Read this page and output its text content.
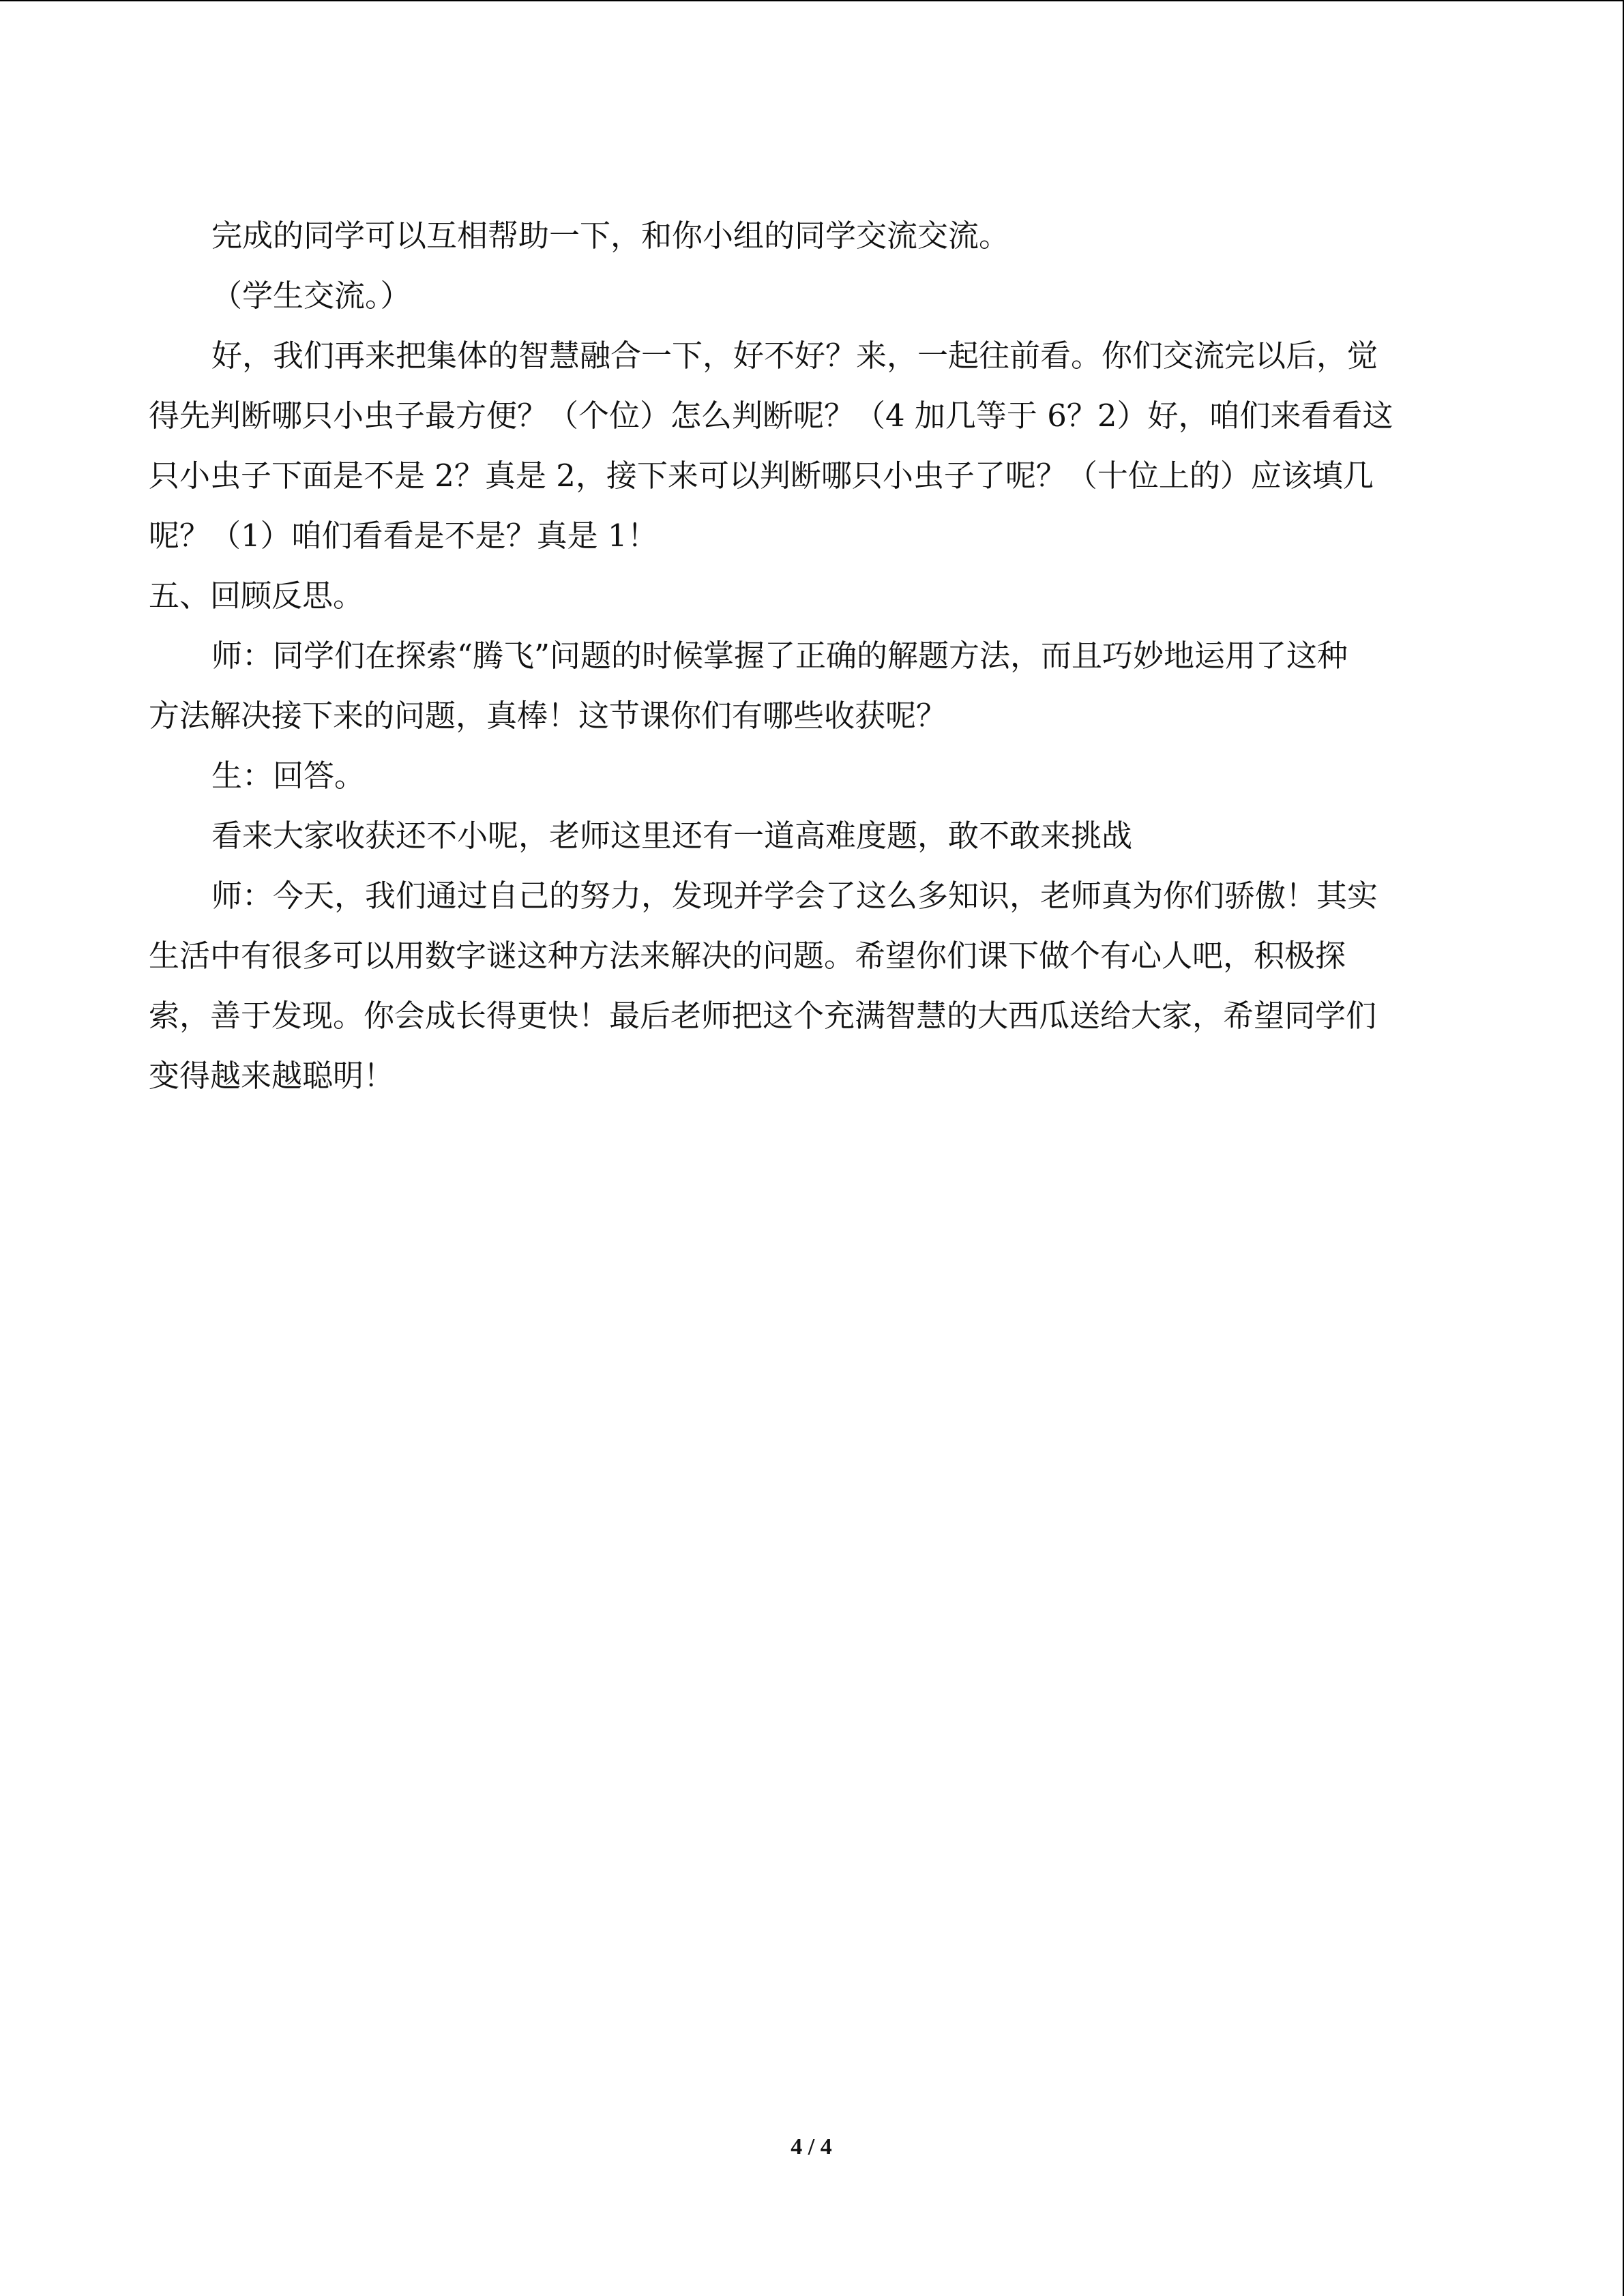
完成的同学可以互相帮助一下，和你小组的同学交流交流。

（学生交流。）

好，我们再来把集体的智慧融合一下，好不好？来，一起往前看。你们交流完以后，觉

得先判断哪只小虫子最方便？（个位）怎么判断呢？（4 加几等于 6？2）好，咱们来看看这

只小虫子下面是不是 2？真是 2，接下来可以判断哪只小虫子了呢？（十位上的）应该填几

呢？（1）咱们看看是不是？真是 1！

五、回顾反思。

师：同学们在探索“腾飞”问题的时候掌握了正确的解题方法，而且巧妙地运用了这种

方法解决接下来的问题，真棒！这节课你们有哪些收获呢？

生：回答。

看来大家收获还不小呢，老师这里还有一道高难度题，敢不敢来挑战

师：今天，我们通过自己的努力，发现并学会了这么多知识，老师真为你们骄傲！其实

生活中有很多可以用数字谜这种方法来解决的问题。希望你们课下做个有心人吧，积极探

索，善于发现。你会成长得更快！最后老师把这个充满智慧的大西瓜送给大家，希望同学们

变得越来越聪明！

4 / 4
